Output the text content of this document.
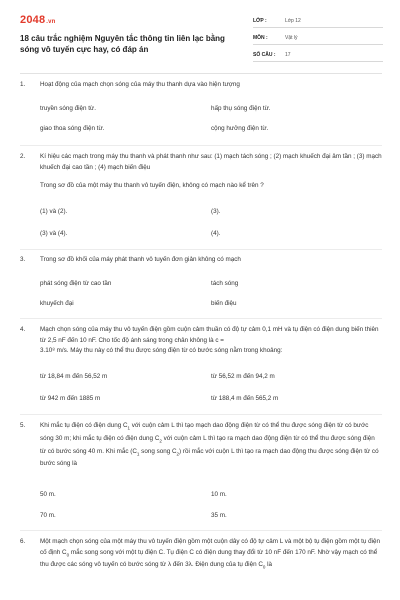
2048.vn
18 câu trắc nghiệm Nguyên tắc thông tin liên lạc bằng sóng vô tuyến cực hay, có đáp án
LỚP :	Lớp 12
MÔN :	Vật lý
SỐ CÂU :	17
1.	Hoạt động của mạch chọn sóng của máy thu thanh dựa vào hiện tượng
truyền sóng điện từ.	hấp thụ sóng điện từ.
giao thoa sóng điện từ.	cộng hưởng điện từ.
2.	Kí hiệu các mạch trong máy thu thanh và phát thanh như sau: (1) mạch tách sóng ; (2) mạch khuếch đại âm tần ; (3) mạch khuếch đại cao tần ; (4) mạch biến điệu
Trong sơ đồ của một máy thu thanh vô tuyến điện, không có mạch nào kể trên ?
(1) và (2).	(3).
(3) và (4).	(4).
3.	Trong sơ đồ khối của máy phát thanh vô tuyến đơn giản không có mạch
phát sóng điện từ cao tần	tách sóng
khuyếch đại	biến điệu
4.	Mạch chọn sóng của máy thu vô tuyến điện gồm cuộn cảm thuần có độ tự cảm 0,1 mH và tụ điện có điện dung biến thiên từ 2,5 nF đến 10 nF. Cho tốc độ ánh sáng trong chân không là c =
3.10⁸ m/s. Máy thu này có thể thu được sóng điện từ có bước sóng nằm trong khoảng:
từ 18,84 m đến 56,52 m	từ 56,52 m đến 94,2 m
từ 942 m đến 1885 m	từ 188,4 m đến 565,2 m
5.	Khi mắc tụ điện có điện dung $C_1$ với cuộn cảm L thì tạo mạch dao động điện từ có thể thu được sóng điện từ có bước sóng 30 m; khi mắc tụ điện có điện dung $C_2$ với cuộn cảm L thì tạo ra mạch dao động điện từ có thể thu được sóng điện từ có bước sóng 40 m. Khi mắc ($C_1$ song song $C_2$) rồi mắc với cuộn L thì tạo ra mạch dao động thu được sóng điện từ có bước sóng là
50 m.	10 m.
70 m.	35 m.
6.	Một mạch chọn sóng của một máy thu vô tuyến điện gồm một cuộn dây có độ tự cảm L và một bộ tụ điện gồm một tụ điện cố định $C_0$ mắc song song với một tụ điện C. Tụ điện C có điện dung thay đổi từ 10 nF đến 170 nF. Nhờ vậy mạch có thể thu được các sóng vô tuyến có bước sóng từ λ đến 3λ. Điện dung của tụ điện $C_0$ là
